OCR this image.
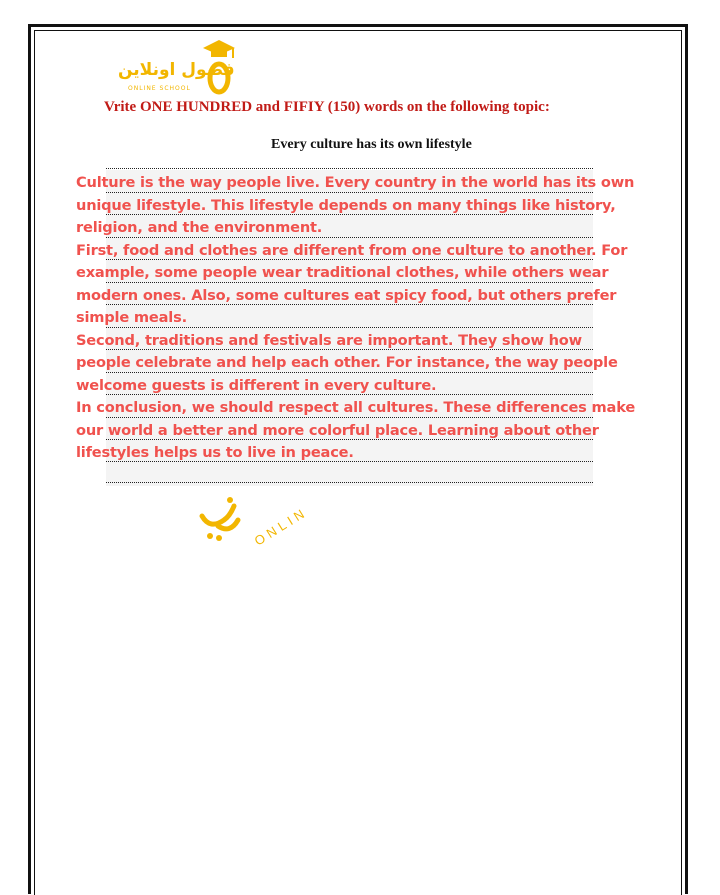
فصول اونلاين
ONLINE SCHOOL
Vrite ONE HUNDRED and FIFIY (150) words on the following topic:
Every culture has its own lifestyle
ONLIN

Culture is the way people live. Every country in the world has its own unique lifestyle. This lifestyle depends on many things like history, religion, and the environment.

First, food and clothes are different from one culture to another. For example, some people wear traditional clothes, while others wear modern ones. Also, some cultures eat spicy food, but others prefer simple meals.

Second, traditions and festivals are important. They show how people celebrate and help each other. For instance, the way people welcome guests is different in every culture.

In conclusion, we should respect all cultures. These differences make our world a better and more colorful place. Learning about other lifestyles helps us to live in peace.
